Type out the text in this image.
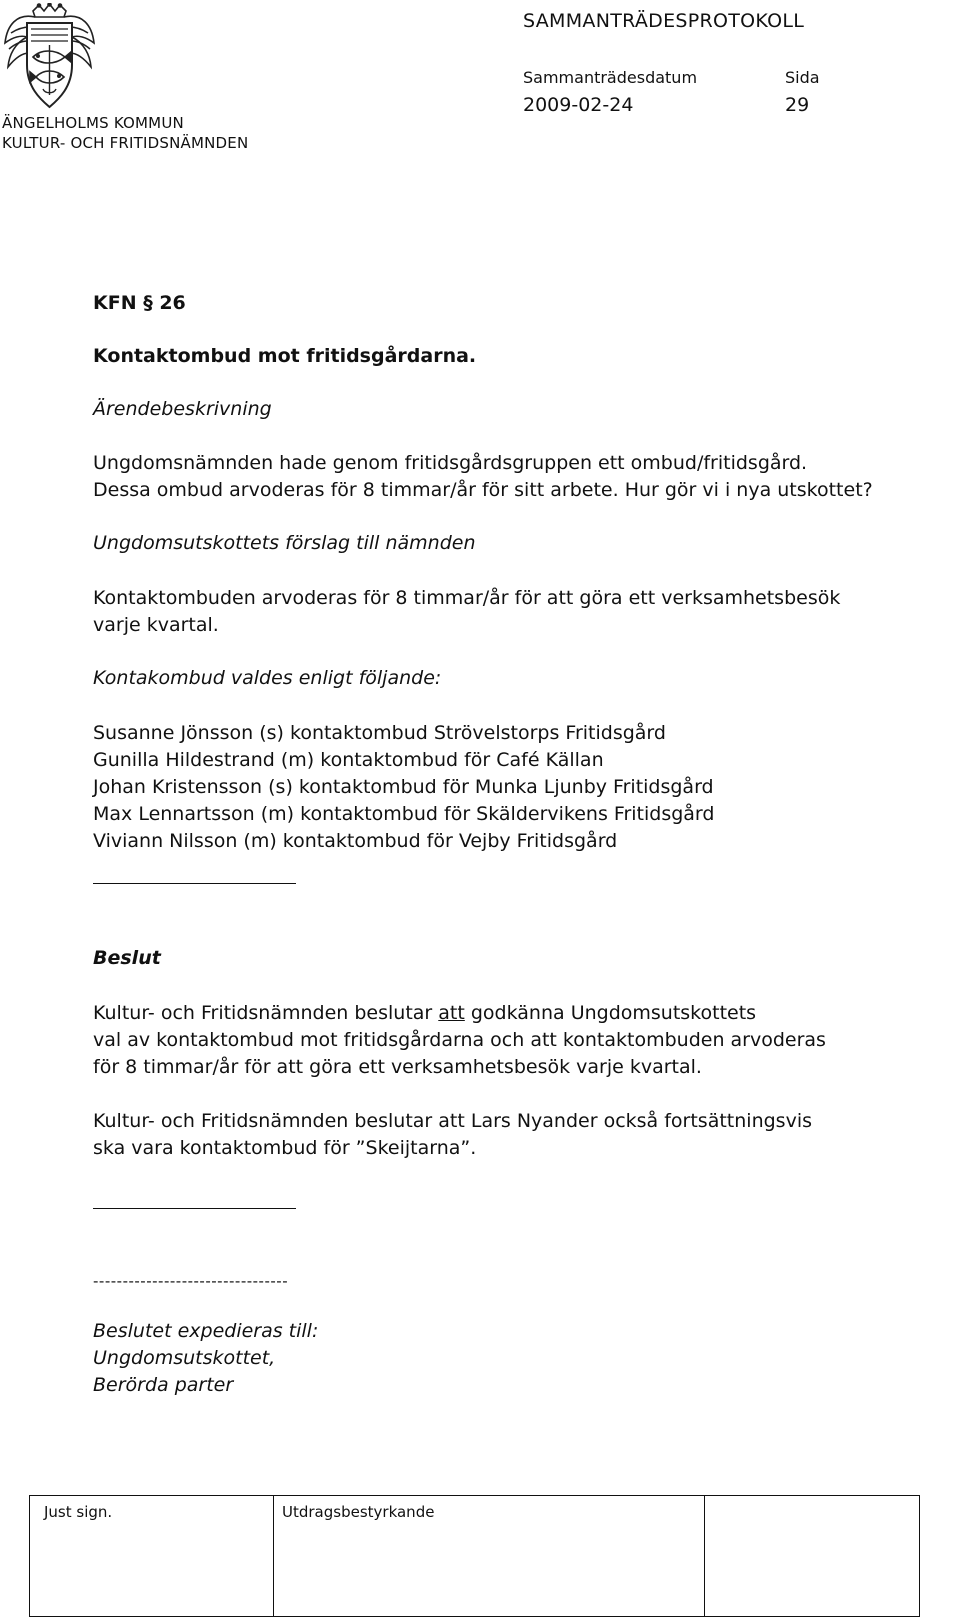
ÄNGELHOLMS KOMMUN
KULTUR- OCH FRITIDSNÄMNDEN
SAMMANTRÄDESPROTOKOLL
Sammanträdesdatum	Sida
2009-02-24	29
KFN § 26
Kontaktombud mot fritidsgårdarna.
Ärendebeskrivning
Ungdomsnämnden hade genom fritidsgårdsgruppen ett ombud/fritidsgård.
Dessa ombud arvoderas för 8 timmar/år för sitt arbete. Hur gör vi i nya utskottet?
Ungdomsutskottets förslag till nämnden
Kontaktombuden arvoderas för 8 timmar/år för att göra ett verksamhetsbesök
varje kvartal.
Kontakombud valdes enligt följande:
Susanne Jönsson (s) kontaktombud Strövelstorps Fritidsgård
Gunilla Hildestrand (m) kontaktombud för Café Källan
Johan Kristensson (s) kontaktombud för Munka Ljunby Fritidsgård
Max Lennartsson (m) kontaktombud för Skäldervikens Fritidsgård
Viviann Nilsson (m) kontaktombud för Vejby Fritidsgård
Beslut
Kultur- och Fritidsnämnden beslutar att godkänna Ungdomsutskottets
val av kontaktombud mot fritidsgårdarna och att kontaktombuden arvoderas
för 8 timmar/år för att göra ett verksamhetsbesök varje kvartal.
Kultur- och Fritidsnämnden beslutar att Lars Nyander också fortsättningsvis
ska vara kontaktombud för ”Skeijtarna”.
---------------------------------
Beslutet expedieras till:
Ungdomsutskottet,
Berörda parter
Just sign.	Utdragsbestyrkande
